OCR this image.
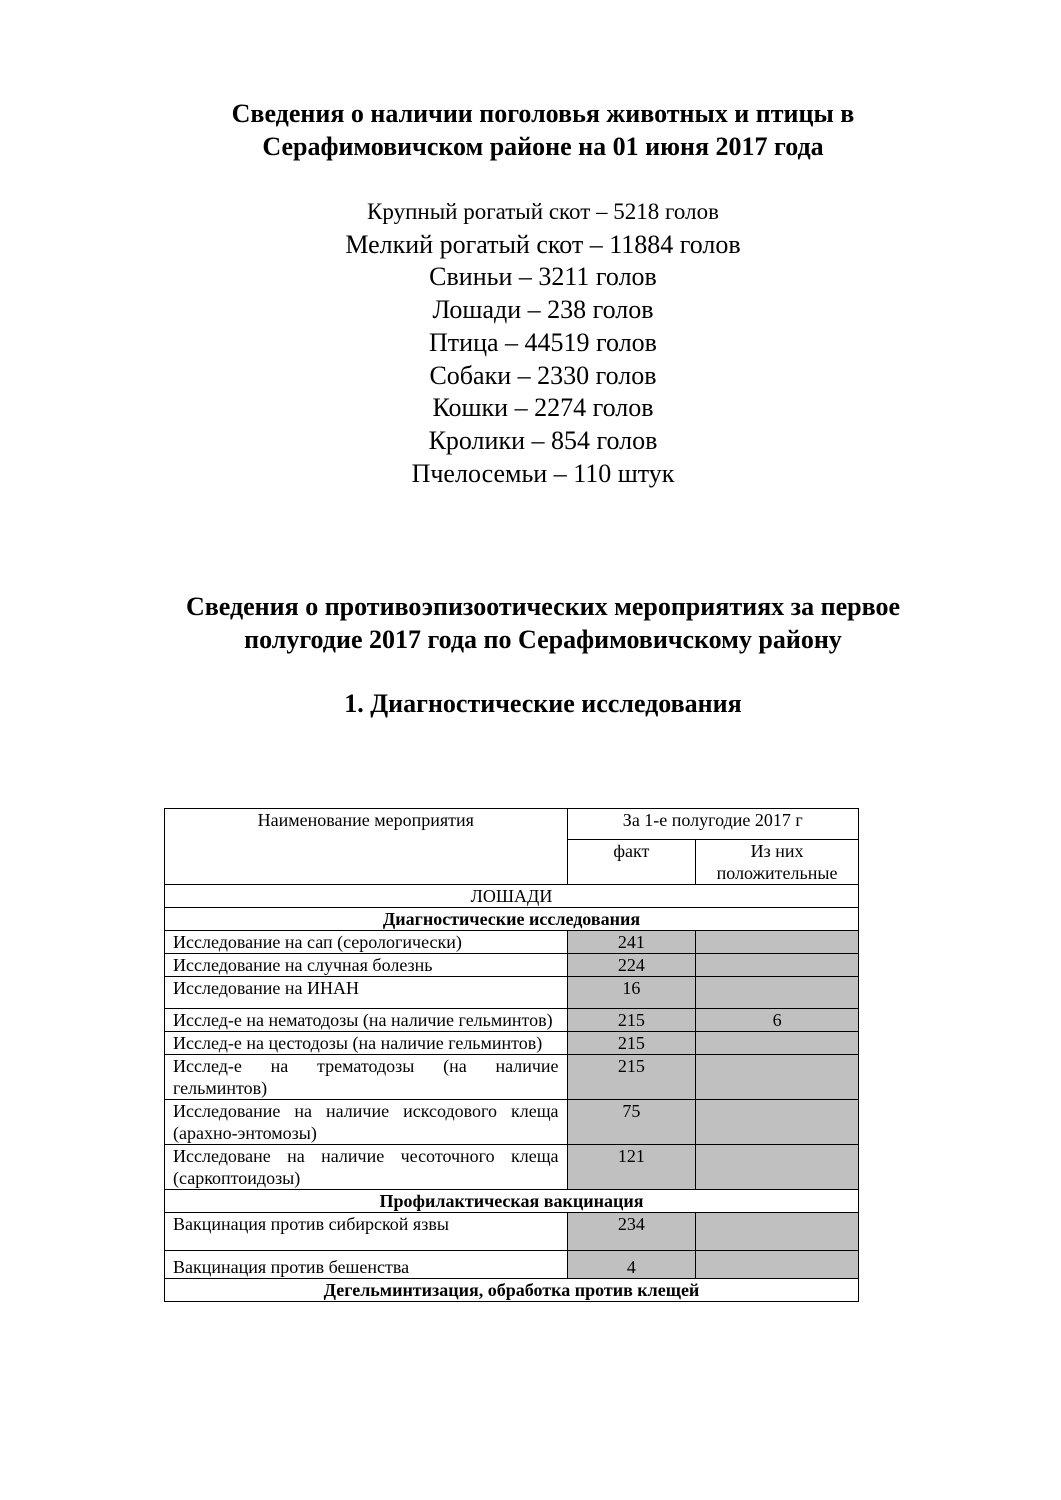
Сведения о наличии поголовья животных и птицы в
Серафимовичском районе на 01 июня 2017 года
Крупный рогатый скот – 5218 голов
Мелкий рогатый скот – 11884 голов
Свиньи – 3211 голов
Лошади – 238 голов
Птица – 44519 голов
Собаки – 2330 голов
Кошки – 2274 голов
Кролики – 854 голов
Пчелосемьи – 110 штук
Сведения о противоэпизоотических мероприятиях за первое
полугодие 2017 года по Серафимовичскому району
1. Диагностические исследования
Наименование мероприятия	За 1-е полугодие 2017 г	
	факт	Из них положительные
ЛОШАДИ		
Диагностические исследования		
Исследование на сап (серологически)	241	
Исследование на случная болезнь	224	
Исследование на ИНАН	16	
Исслед-е на нематодозы (на наличие гельминтов)	215	6
Исслед-е на цестодозы (на наличие гельминтов)	215	
Исслед-е на трематодозы (на наличие гельминтов)	215	
Исследование на наличие исксодового клеща (арахно-энтомозы)	75	
Исследоване на наличие чесоточного клеща (саркоптоидозы)	121	
Профилактическая вакцинация		
Вакцинация против сибирской язвы	234	
Вакцинация против бешенства	4	
Дегельминтизация, обработка против клещей		
